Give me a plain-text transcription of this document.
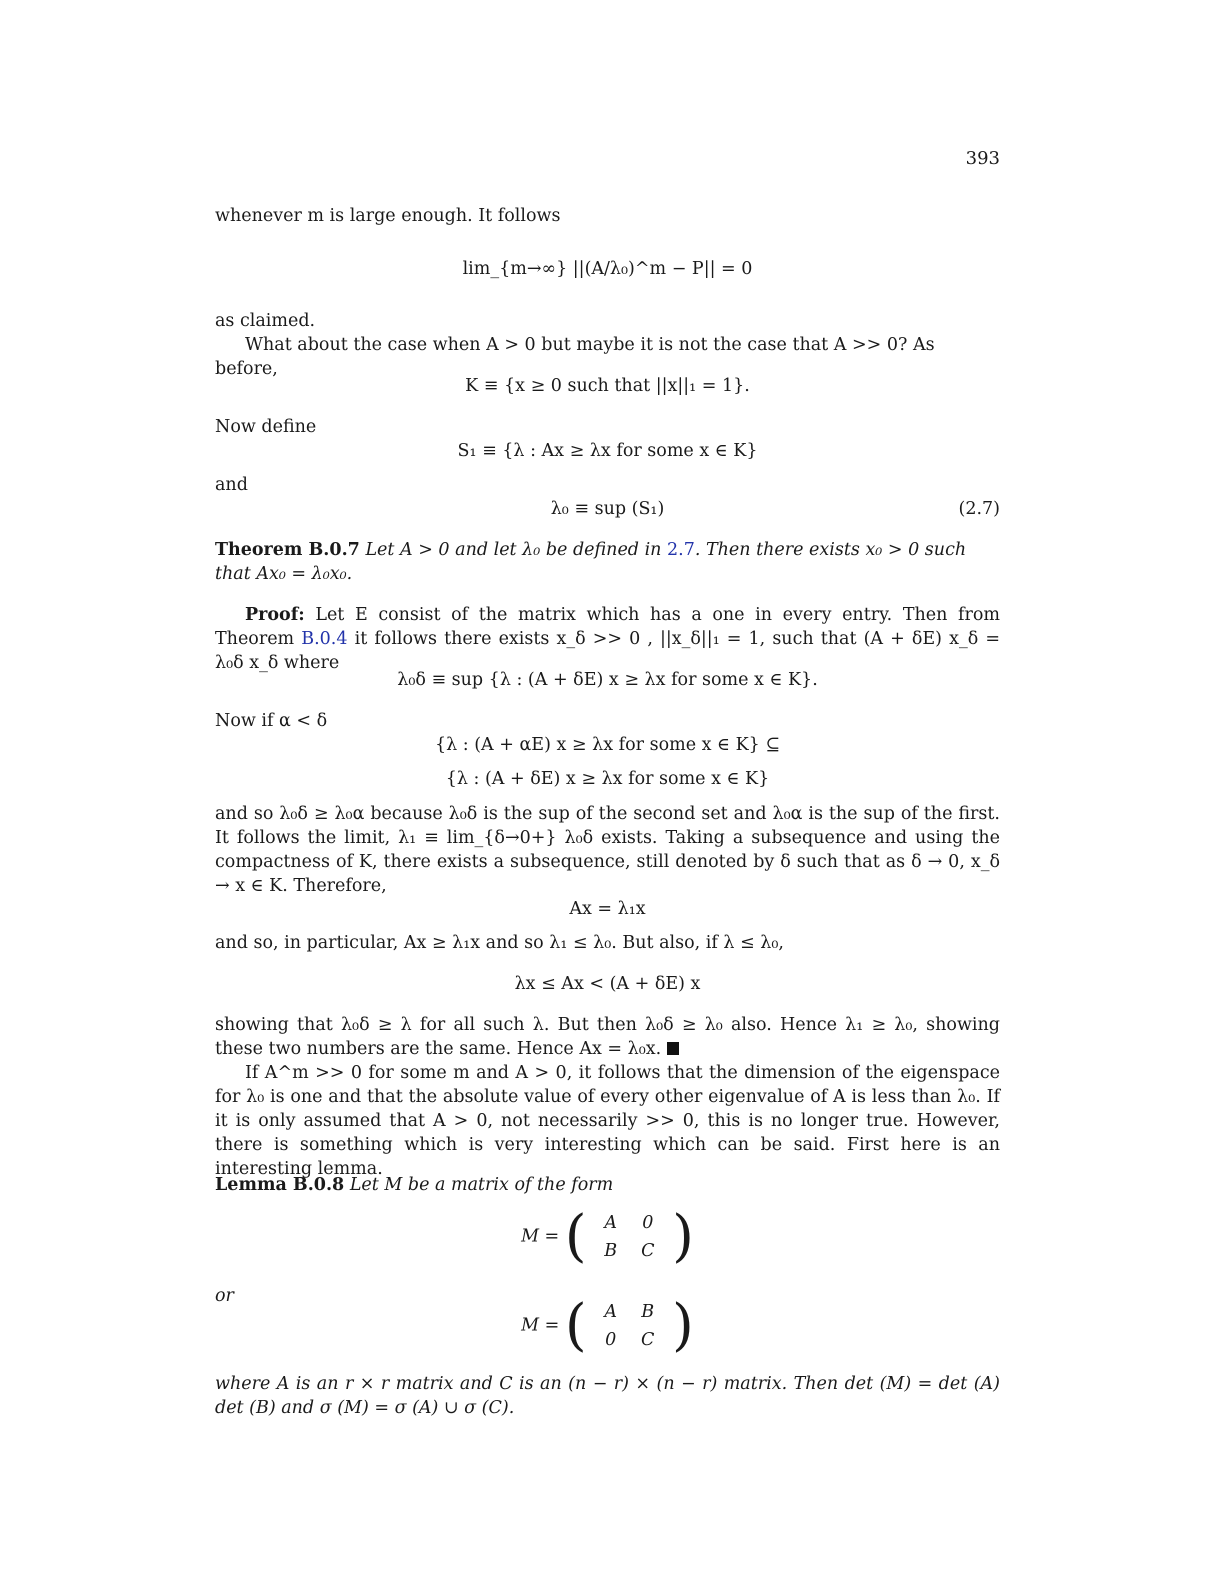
393
whenever m is large enough. It follows
lim_{m→∞} ||(A/λ₀)^m − P|| = 0
as claimed.
What about the case when A > 0 but maybe it is not the case that A >> 0? As before,
K ≡ {x ≥ 0 such that ||x||₁ = 1}.
Now define
S₁ ≡ {λ : Ax ≥ λx for some x ∈ K}
and
λ₀ ≡ sup (S₁)	(2.7)
Theorem B.0.7 Let A > 0 and let λ₀ be defined in 2.7. Then there exists x₀ > 0 such that Ax₀ = λ₀x₀.
Proof: Let E consist of the matrix which has a one in every entry. Then from Theorem B.0.4 it follows there exists x_δ >> 0 , ||x_δ||₁ = 1, such that (A + δE) x_δ = λ₀δ x_δ where
λ₀δ ≡ sup {λ : (A + δE) x ≥ λx for some x ∈ K}.
Now if α < δ
{λ : (A + αE) x ≥ λx for some x ∈ K} ⊆
{λ : (A + δE) x ≥ λx for some x ∈ K}
and so λ₀δ ≥ λ₀α because λ₀δ is the sup of the second set and λ₀α is the sup of the first. It follows the limit, λ₁ ≡ lim_{δ→0+} λ₀δ exists. Taking a subsequence and using the compactness of K, there exists a subsequence, still denoted by δ such that as δ → 0, x_δ → x ∈ K. Therefore,
Ax = λ₁x
and so, in particular, Ax ≥ λ₁x and so λ₁ ≤ λ₀. But also, if λ ≤ λ₀,
λx ≤ Ax < (A + δE) x
showing that λ₀δ ≥ λ for all such λ. But then λ₀δ ≥ λ₀ also. Hence λ₁ ≥ λ₀, showing these two numbers are the same. Hence Ax = λ₀x.
If A^m >> 0 for some m and A > 0, it follows that the dimension of the eigenspace for λ₀ is one and that the absolute value of every other eigenvalue of A is less than λ₀. If it is only assumed that A > 0, not necessarily >> 0, this is no longer true. However, there is something which is very interesting which can be said. First here is an interesting lemma.
Lemma B.0.8 Let M be a matrix of the form
M = ( A	0
B	C )
or
M = ( A	B
0	C )
where A is an r × r matrix and C is an (n − r) × (n − r) matrix. Then det (M) = det (A) det (B) and σ (M) = σ (A) ∪ σ (C).
